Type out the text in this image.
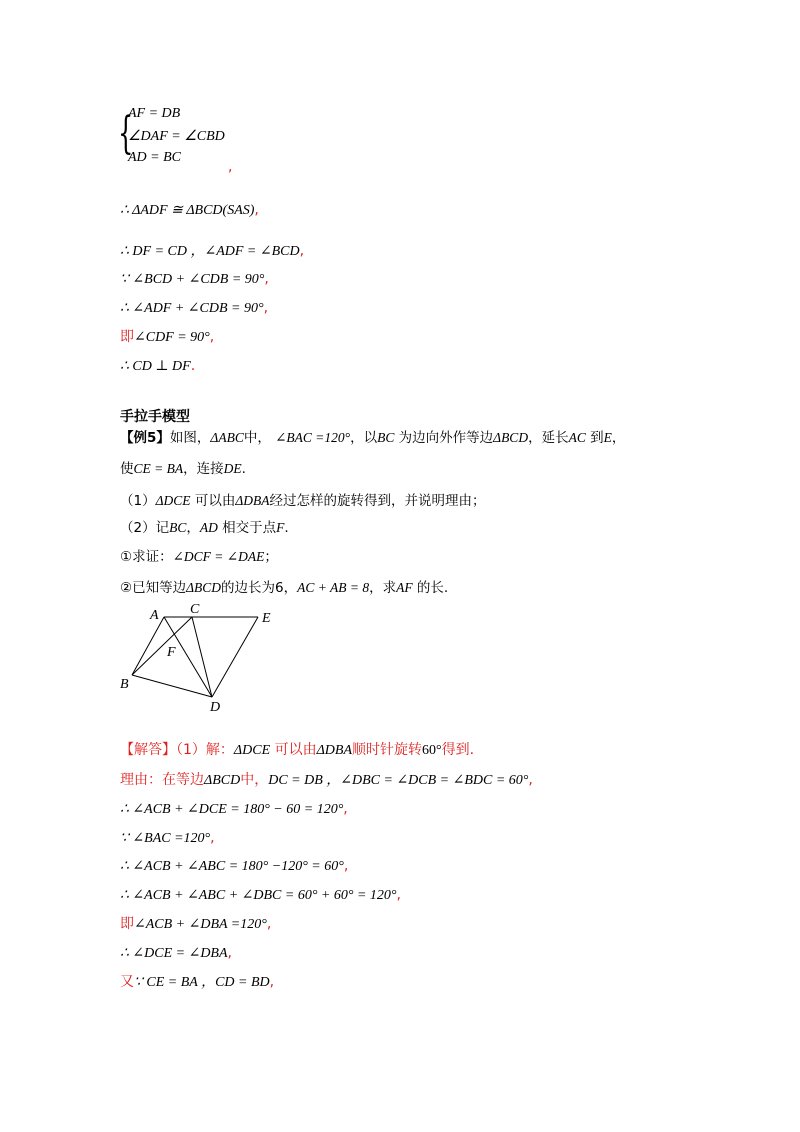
{
AF = DB
∠DAF = ∠CBD
AD = BC
,
∴ ΔADF ≅ ΔBCD(SAS),
∴ DF = CD ，∠ADF = ∠BCD,
∵ ∠BCD + ∠CDB = 90°,
∴ ∠ADF + ∠CDB = 90°,
即∠CDF = 90°,
∴ CD ⊥ DF.
手拉手模型
【例5】如图，ΔABC中， ∠BAC =120°，以BC 为边向外作等边ΔBCD，延长AC 到E，
使CE = BA，连接DE.
（1）ΔDCE 可以由ΔDBA经过怎样的旋转得到，并说明理由；
（2）记BC，AD 相交于点F.
①求证：∠DCF = ∠DAE；
②已知等边ΔBCD的边长为6，AC + AB = 8，求AF 的长.
A C
E
F
B
D
【解答】（1）解：ΔDCE 可以由ΔDBA顺时针旋转60°得到.
理由：在等边ΔBCD中，DC = DB ，∠DBC = ∠DCB = ∠BDC = 60°,
∴ ∠ACB + ∠DCE = 180° − 60 = 120°,
∵ ∠BAC =120°,
∴ ∠ACB + ∠ABC = 180° −120° = 60°,
∴ ∠ACB + ∠ABC + ∠DBC = 60° + 60° = 120°,
即∠ACB + ∠DBA =120°,
∴ ∠DCE = ∠DBA,
又∵ CE = BA ，CD = BD,
